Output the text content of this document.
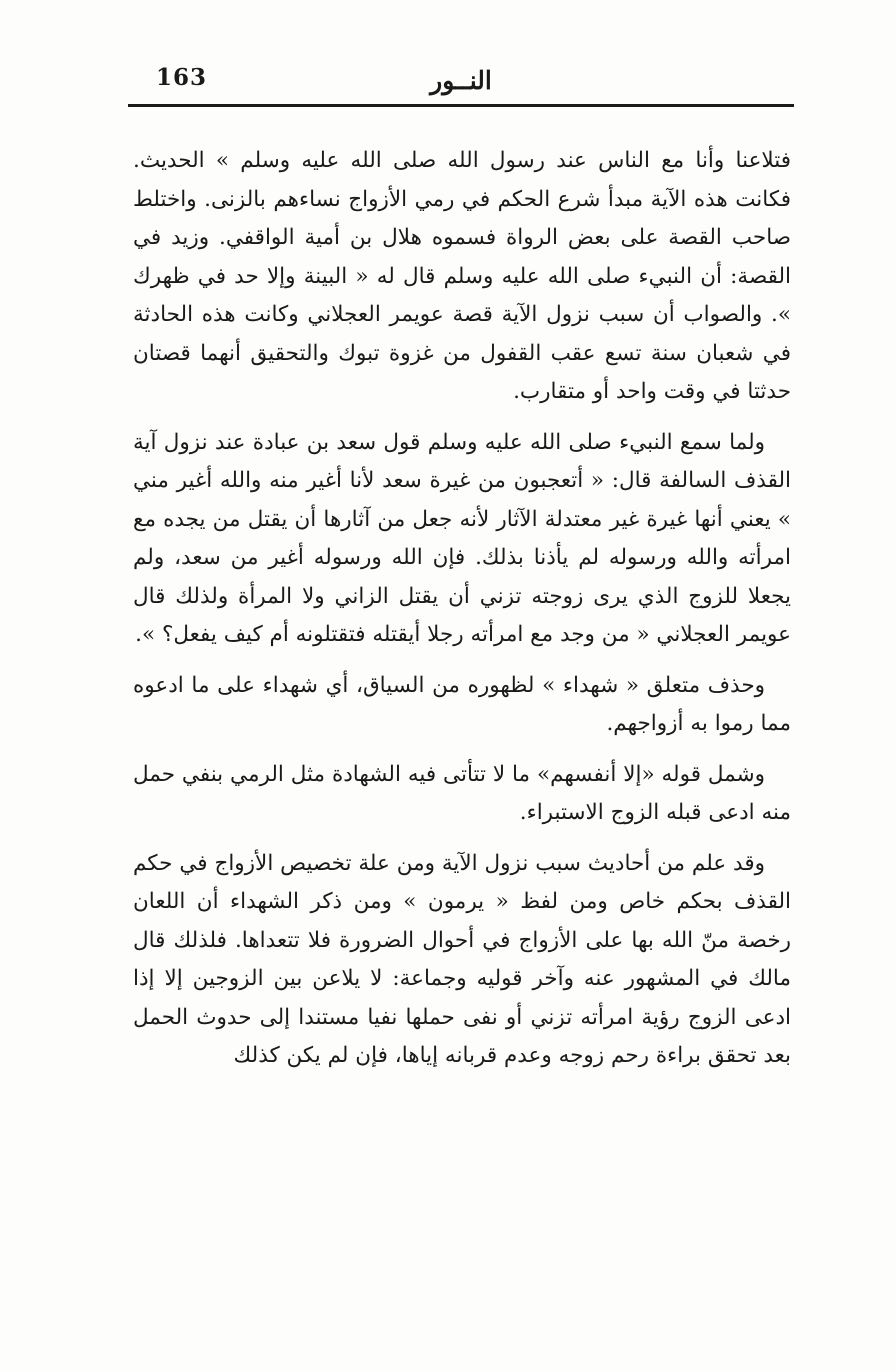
النــور
163

فتلاعنا وأنا مع الناس عند رسول الله صلى الله عليه وسلم » الحديث. فكانت هذه الآية مبدأ شرع الحكم في رمي الأزواج نساءهم بالزنى. واختلط صاحب القصة على بعض الرواة فسموه هلال بن أمية الواقفي. وزيد في القصة: أن النبيء صلى الله عليه وسلم قال له « البينة وإلا حد في ظهرك ». والصواب أن سبب نزول الآية قصة عويمر العجلاني وكانت هذه الحادثة في شعبان سنة تسع عقب القفول من غزوة تبوك والتحقيق أنهما قصتان حدثتا في وقت واحد أو متقارب.

ولما سمع النبيء صلى الله عليه وسلم قول سعد بن عبادة عند نزول آية القذف السالفة قال: « أتعجبون من غيرة سعد لأنا أغير منه والله أغير مني » يعني أنها غيرة غير معتدلة الآثار لأنه جعل من آثارها أن يقتل من يجده مع امرأته والله ورسوله لم يأذنا بذلك. فإن الله ورسوله أغير من سعد، ولم يجعلا للزوج الذي يرى زوجته تزني أن يقتل الزاني ولا المرأة ولذلك قال عويمر العجلاني « من وجد مع امرأته رجلا أيقتله فتقتلونه أم كيف يفعل؟ ».

وحذف متعلق « شهداء » لظهوره من السياق، أي شهداء على ما ادعوه مما رموا به أزواجهم.

وشمل قوله «إلا أنفسهم» ما لا تتأتى فيه الشهادة مثل الرمي بنفي حمل منه ادعى قبله الزوج الاستبراء.

وقد علم من أحاديث سبب نزول الآية ومن علة تخصيص الأزواج في حكم القذف بحكم خاص ومن لفظ « يرمون » ومن ذكر الشهداء أن اللعان رخصة منّ الله بها على الأزواج في أحوال الضرورة فلا تتعداها. فلذلك قال مالك في المشهور عنه وآخر قوليه وجماعة: لا يلاعن بين الزوجين إلا إذا ادعى الزوج رؤية امرأته تزني أو نفى حملها نفيا مستندا إلى حدوث الحمل بعد تحقق براءة رحم زوجه وعدم قربانه إياها، فإن لم يكن كذلك
